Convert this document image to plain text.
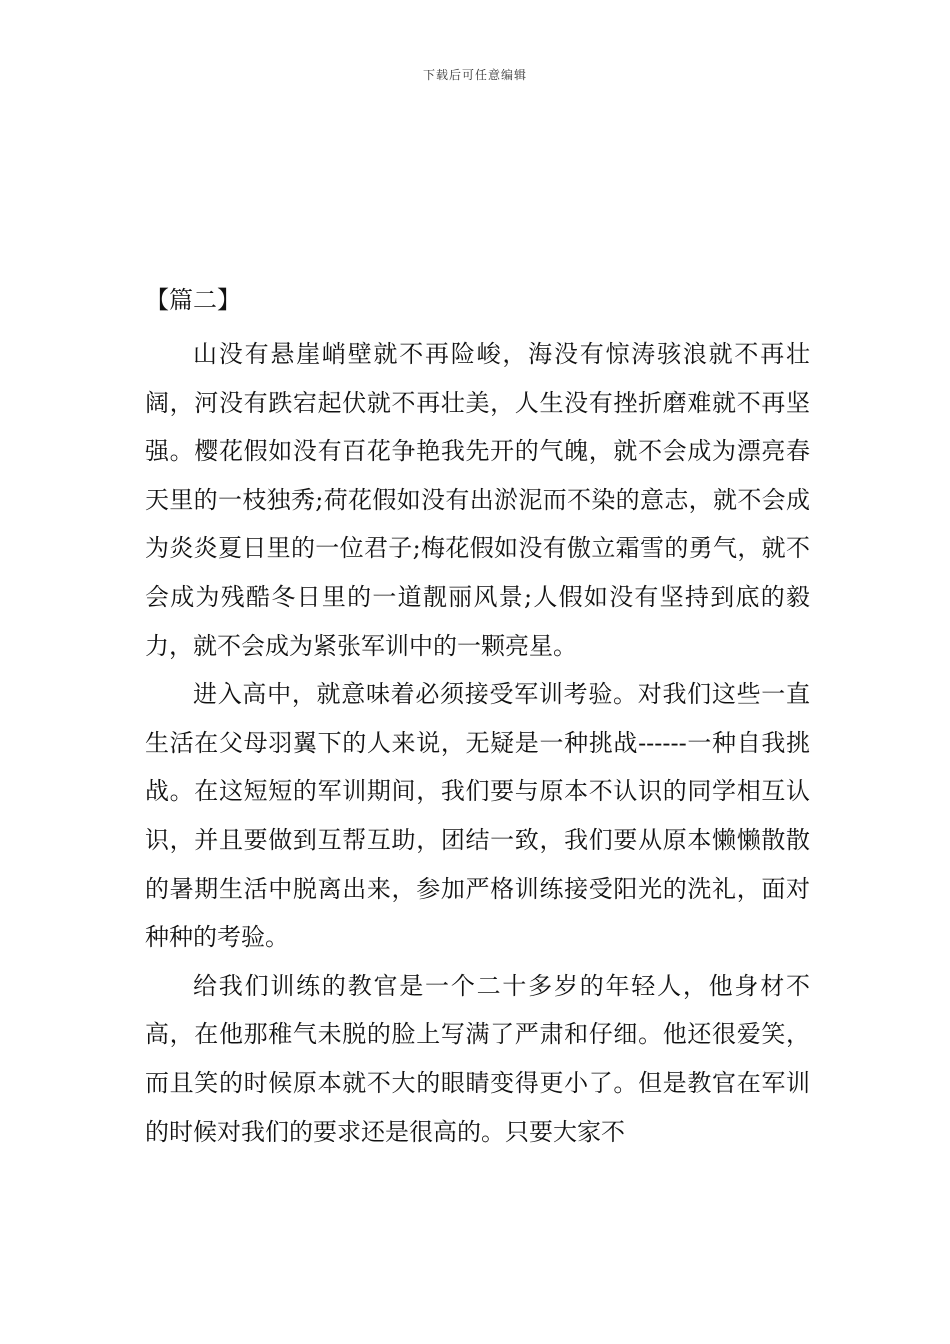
下载后可任意编辑
【篇二】

山没有悬崖峭壁就不再险峻，海没有惊涛骇浪就不再壮阔，河没有跌宕起伏就不再壮美，人生没有挫折磨难就不再坚强。樱花假如没有百花争艳我先开的气魄，就不会成为漂亮春天里的一枝独秀;荷花假如没有出淤泥而不染的意志，就不会成为炎炎夏日里的一位君子;梅花假如没有傲立霜雪的勇气，就不会成为残酷冬日里的一道靓丽风景;人假如没有坚持到底的毅力，就不会成为紧张军训中的一颗亮星。

进入高中，就意味着必须接受军训考验。对我们这些一直生活在父母羽翼下的人来说，无疑是一种挑战------一种自我挑战。在这短短的军训期间，我们要与原本不认识的同学相互认识，并且要做到互帮互助，团结一致，我们要从原本懒懒散散的暑期生活中脱离出来，参加严格训练接受阳光的洗礼，面对种种的考验。

给我们训练的教官是一个二十多岁的年轻人，他身材不高，在他那稚气未脱的脸上写满了严肃和仔细。他还很爱笑，而且笑的时候原本就不大的眼睛变得更小了。但是教官在军训的时候对我们的要求还是很高的。只要大家不
